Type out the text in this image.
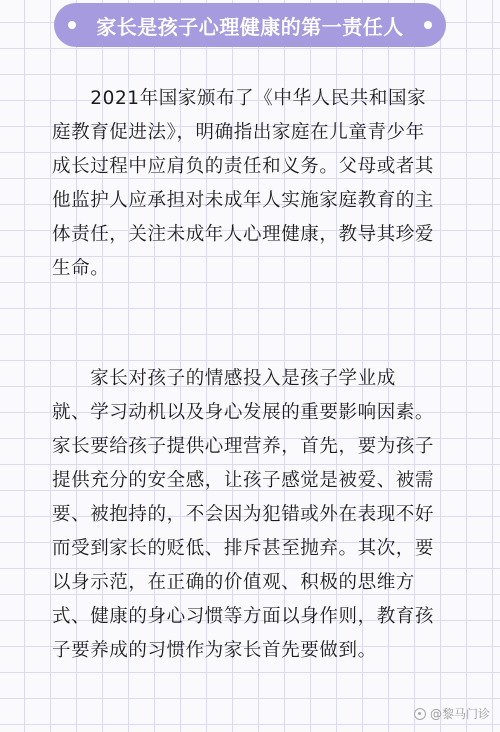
家长是孩子心理健康的第一责任人
　　2021年国家颁布了《中华人民共和国家
庭教育促进法》，明确指出家庭在儿童青少年
成长过程中应肩负的责任和义务。父母或者其
他监护人应承担对未成年人实施家庭教育的主
体责任，关注未成年人心理健康，教导其珍爱
生命。
　　家长对孩子的情感投入是孩子学业成
就、学习动机以及身心发展的重要影响因素。
家长要给孩子提供心理营养，首先，要为孩子
提供充分的安全感，让孩子感觉是被爱、被需
要、被抱持的，不会因为犯错或外在表现不好
而受到家长的贬低、排斥甚至抛弃。其次，要
以身示范，在正确的价值观、积极的思维方
式、健康的身心习惯等方面以身作则，教育孩
子要养成的习惯作为家长首先要做到。
@黎马门诊
